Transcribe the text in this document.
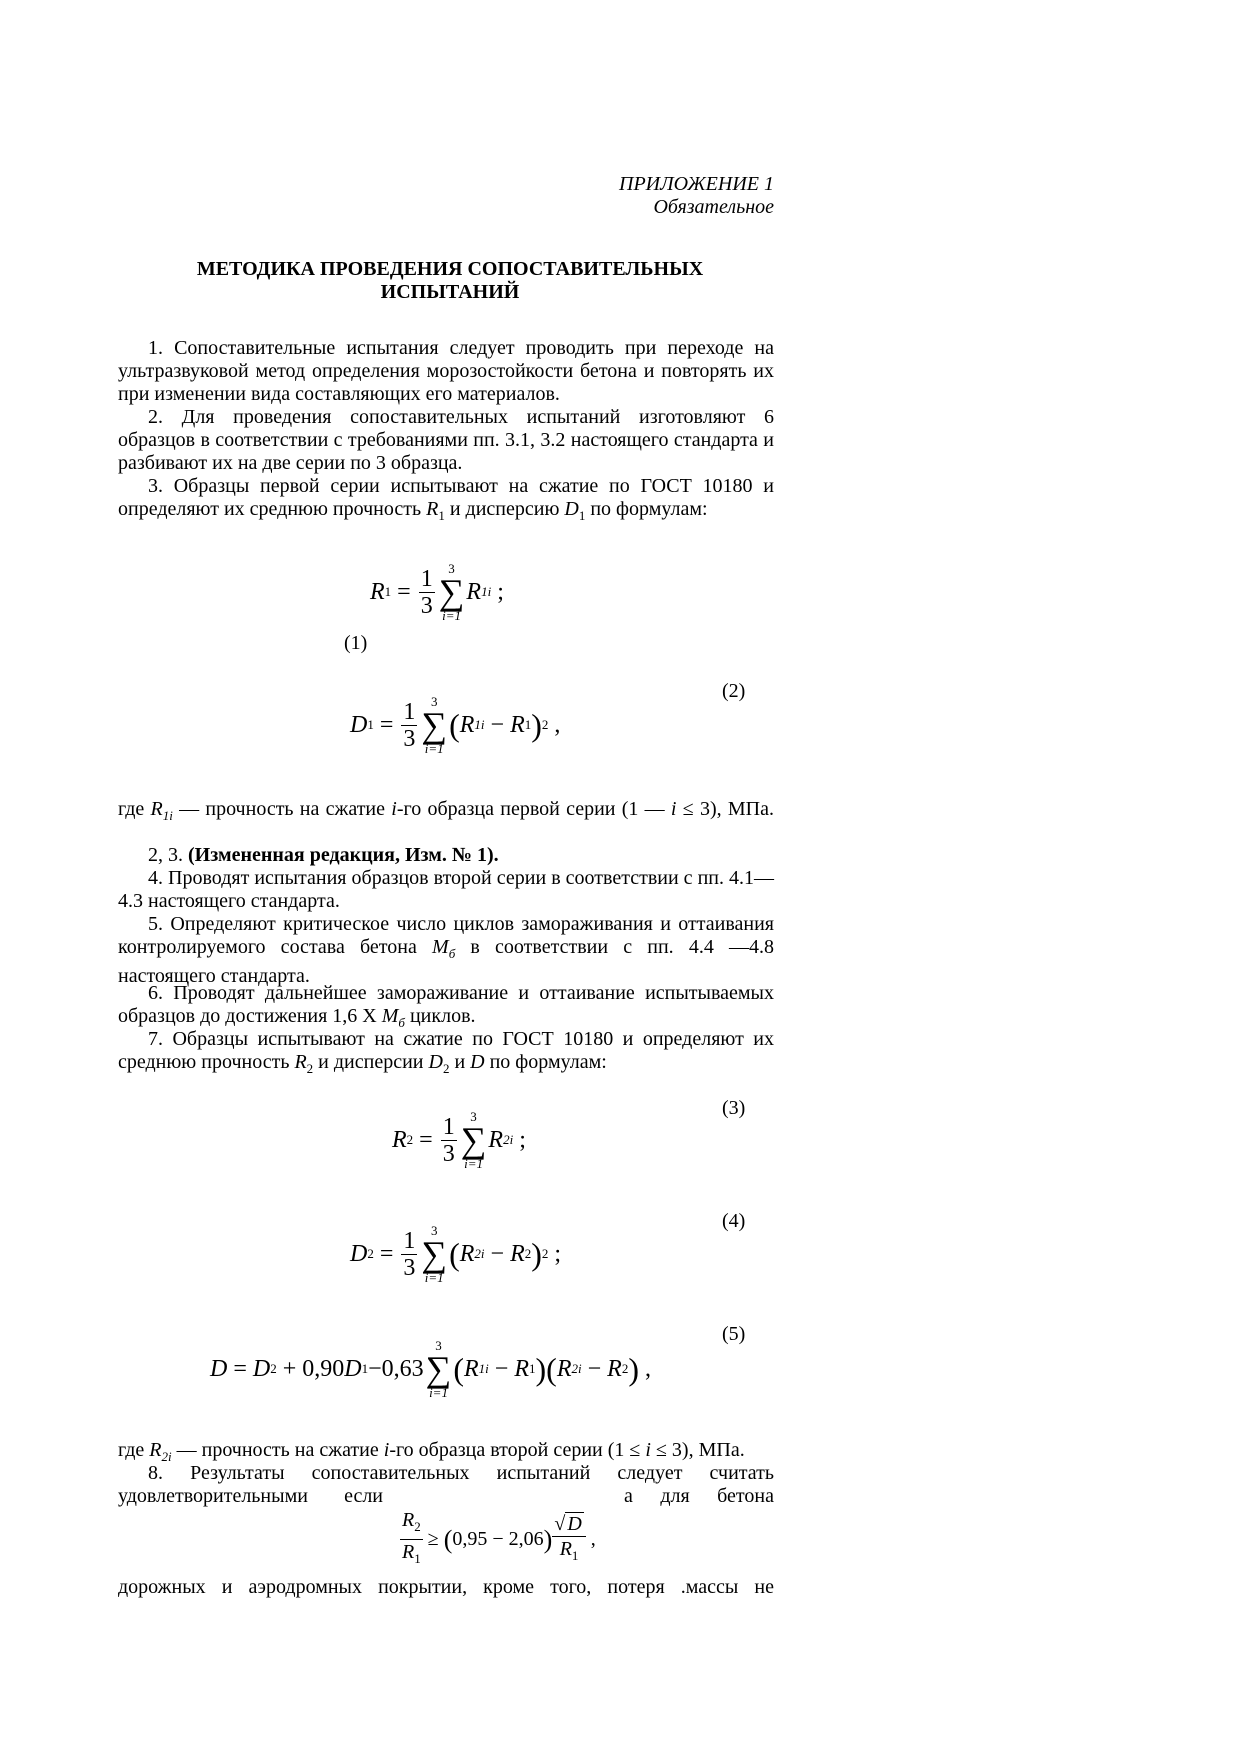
ПРИЛОЖЕНИЕ 1
Обязательное
МЕТОДИКА ПРОВЕДЕНИЯ СОПОСТАВИТЕЛЬНЫХ
ИСПЫТАНИЙ

1. Сопоставительные испытания следует проводить при переходе на ультразвуковой метод определения морозостойкости бетона и повторять их при изменении вида составляющих его материалов.

2. Для проведения сопоставительных испытаний изготовляют 6 образцов в соответствии с требованиями пп. 3.1, 3.2 настоящего стандарта и разбивают их на две серии по 3 образца.

3. Образцы первой серии испытывают на сжатие по ГОСТ 10180 и определяют их среднюю прочность $R_1$ и дисперсию $D_1$ по формулам:

R $1 = \frac{1}{3}$	3
∑
i=1
R 1i ;
(1)
(2)
D $1 = \frac{1}{3}$	3
∑
i=1
( R 1i − R 1 ) 2 ,

где $R_{1i}$ — прочность на сжатие i-го образца первой серии (1 — i ≤ 3), МПа.

2, 3. (Измененная редакция, Изм. № 1).

4. Проводят испытания образцов второй серии в соответствии с пп. 4.1—4.3 настоящего стандарта.

5. Определяют критическое число циклов замораживания и оттаивания контролируемого состава бетона $M_б$ в соответствии с пп. 4.4 —4.8 настоящего стандарта.

6. Проводят дальнейшее замораживание и оттаивание испытываемых образцов до достижения 1,6 X $M_б$ циклов.

7. Образцы испытывают на сжатие по ГОСТ 10180 и определяют их среднюю прочность $R_2$ и дисперсии $D_2$ и D по формулам:

(3)
R $2 = \frac{1}{3}$	3
∑
i=1
R 2i ;
(4)
D $2 = \frac{1}{3}$	3
∑
i=1
( R 2i − R 2 ) 2 ;
(5)
D = D 2 + 0,90 D 1 −0,63
3
∑
i=1
( R 1i − R 1 ) ( R 2i − R 2 ) ,

где $R_{2i}$ — прочность на сжатие i-го образца второй серии (1 ≤ i ≤ 3), МПа.

8. Результаты сопоставительных испытаний следует считать

удовлетворительными если	а для бетона
$\frac{R_2}{R_1}$ ≥ ( 0,95 − 2,06 ) $\frac{√ D}{R_1}$ ,

дорожных и аэродромных покрытии, кроме того, потеря .массы не
